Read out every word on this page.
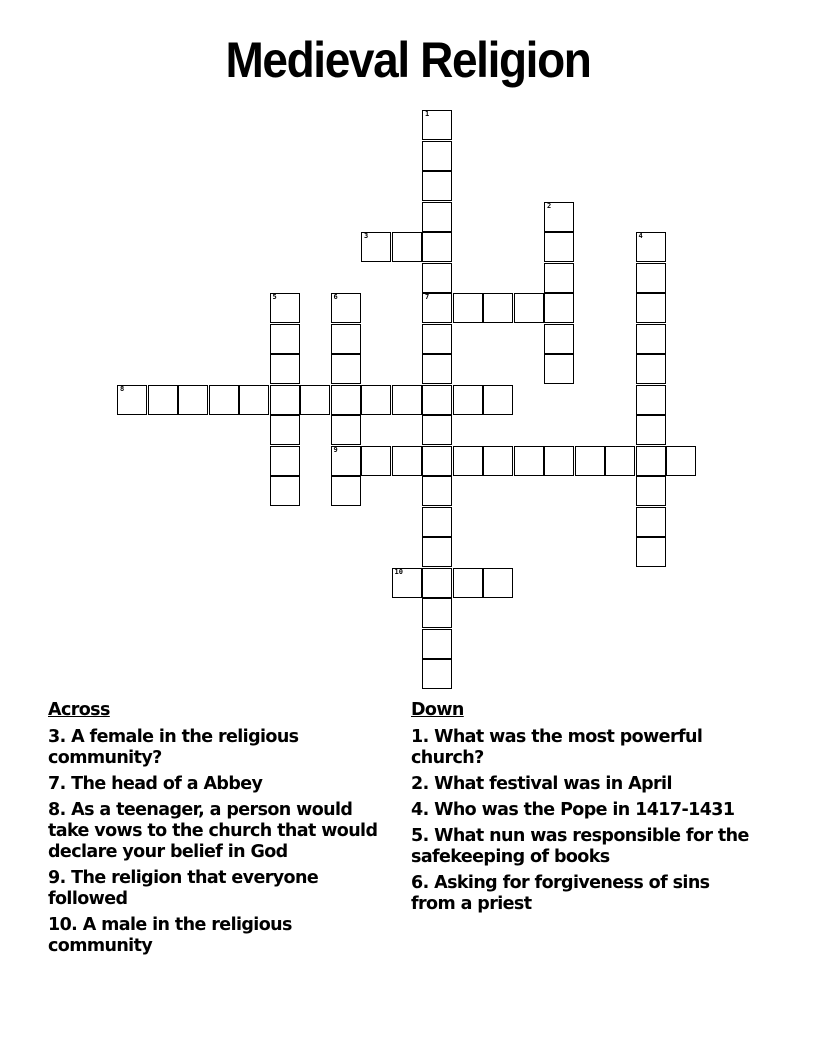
Medieval Religion
1
7
2
3	4
5	6
9
8
10
Across
3. A female in the religious community?
7. The head of a Abbey
8. As a teenager, a person would take vows to the church that would declare your belief in God
9. The religion that everyone followed
10. A male in the religious community
Down
1. What was the most powerful church?
2. What festival was in April
4. Who was the Pope in 1417-1431
5. What nun was responsible for the safekeeping of books
6. Asking for forgiveness of sins from a priest
